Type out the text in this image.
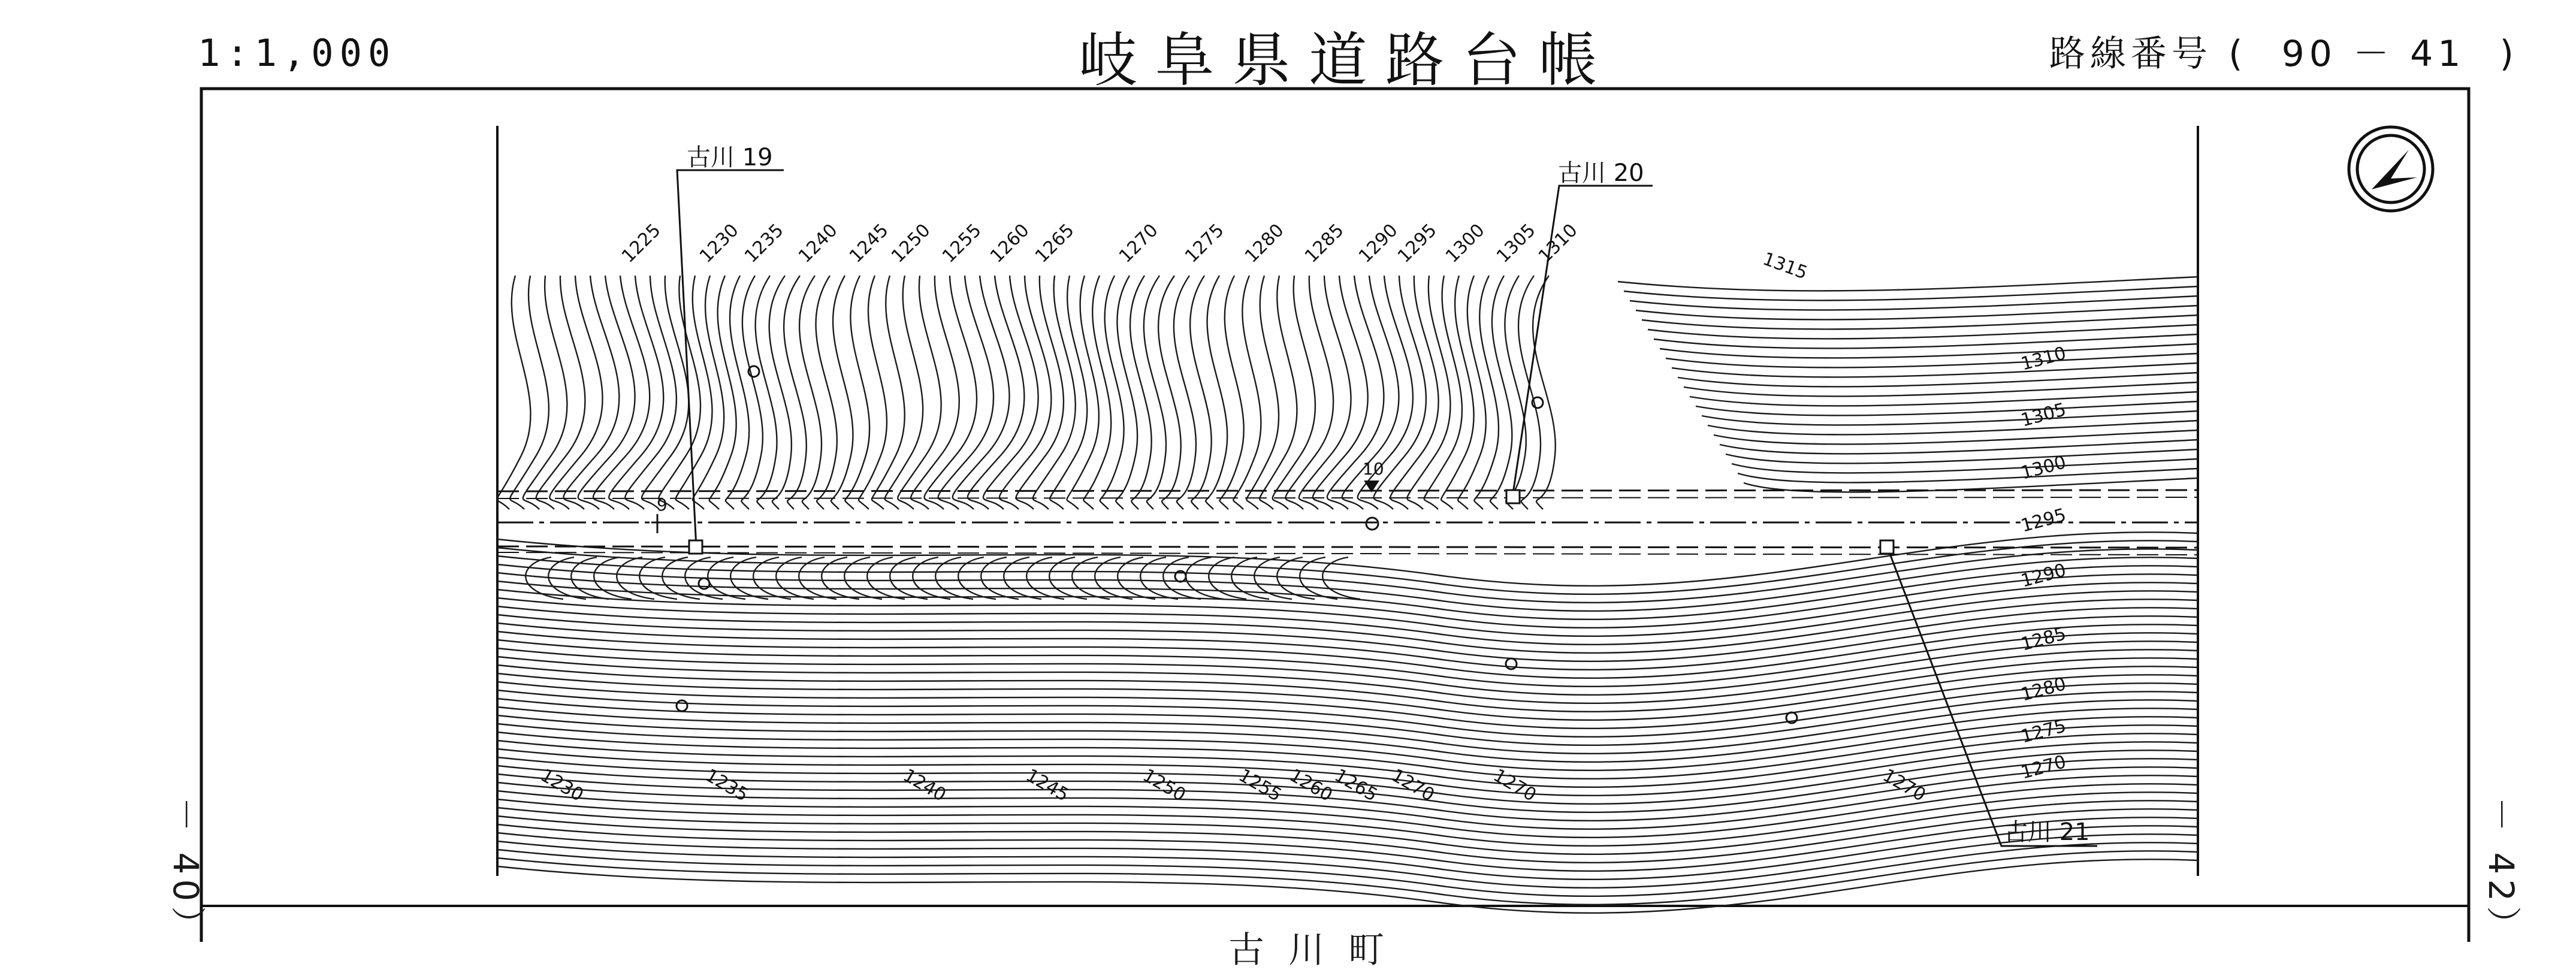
古川 19
古川 20
古川 21
9
10
1225 1230
1235 1240 1245
1250 1255 1260
1265 1270 1275 1280 1285 1290
1295 1300 1305
1310	1315
1230	1235	1240	1245	1250	1255 1260
1265 1270	1270	1270
1310
1305
1300
1295
1290
1285
1280
1275
1270
1:1,000	岐阜県道路台帳	路線番号 ( 90 － 41 )
－ 40）	－ 42）
古川町
